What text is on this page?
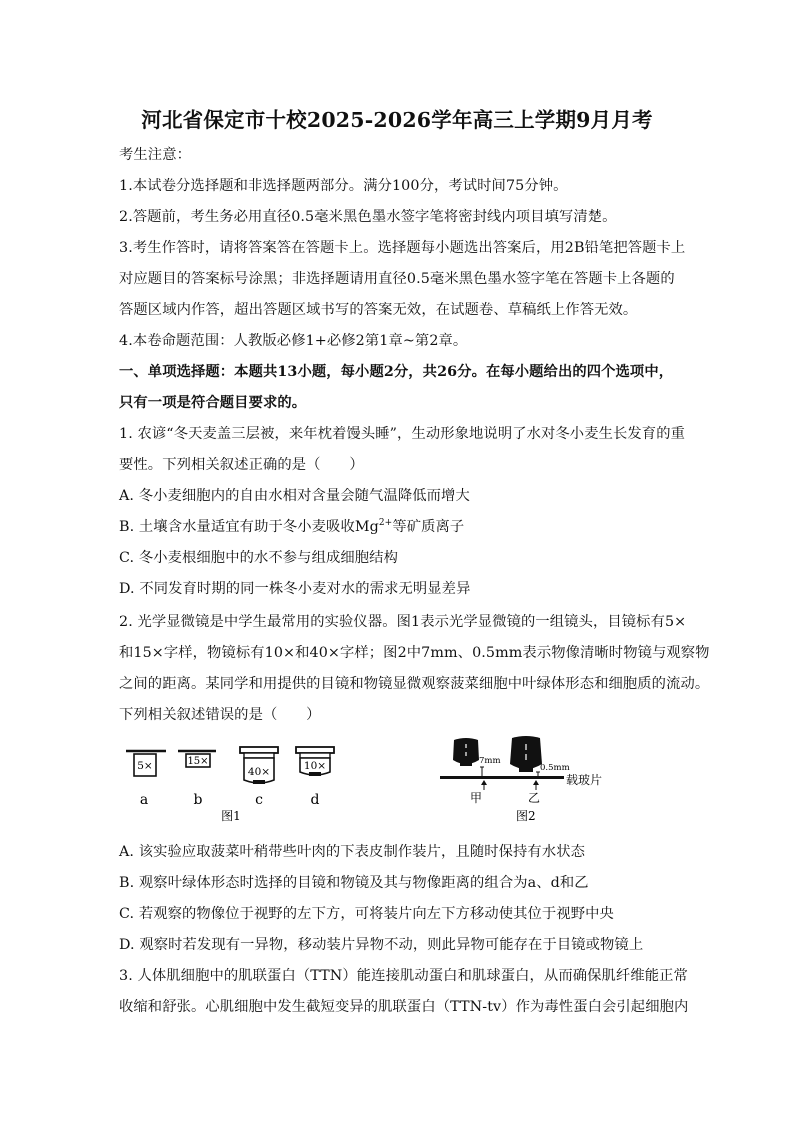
河北省保定市十校2025-2026学年高三上学期9月月考
考生注意：
1.本试卷分选择题和非选择题两部分。满分100分，考试时间75分钟。
2.答题前，考生务必用直径0.5毫米黑色墨水签字笔将密封线内项目填写清楚。
3.考生作答时，请将答案答在答题卡上。选择题每小题选出答案后，用2B铅笔把答题卡上
对应题目的答案标号涂黑；非选择题请用直径0.5毫米黑色墨水签字笔在答题卡上各题的
答题区域内作答，超出答题区域书写的答案无效，在试题卷、草稿纸上作答无效。
4.本卷命题范围：人教版必修1+必修2第1章~第2章。
一、单项选择题：本题共13小题，每小题2分，共26分。在每小题给出的四个选项中，
只有一项是符合题目要求的。
1. 农谚“冬天麦盖三层被，来年枕着馒头睡”，生动形象地说明了水对冬小麦生长发育的重
要性。下列相关叙述正确的是（　　）
A. 冬小麦细胞内的自由水相对含量会随气温降低而增大
B. 土壤含水量适宜有助于冬小麦吸收$Mg^{2+}$等矿质离子
C. 冬小麦根细胞中的水不参与组成细胞结构
D. 不同发育时期的同一株冬小麦对水的需求无明显差异
2. 光学显微镜是中学生最常用的实验仪器。图1表示光学显微镜的一组镜头，目镜标有5×
和15×字样，物镜标有10×和40×字样；图2中7mm、0.5mm表示物像清晰时物镜与观察物
之间的距离。某同学和用提供的目镜和物镜显微观察菠菜细胞中叶绿体形态和细胞质的流动。
下列相关叙述错误的是（　　）
5×
a
15×
b
40×
c
10×
d
图1
7mm
0.5mm
载玻片
甲	乙
图2
A. 该实验应取菠菜叶稍带些叶肉的下表皮制作装片，且随时保持有水状态
B. 观察叶绿体形态时选择的目镜和物镜及其与物像距离的组合为a、d和乙
C. 若观察的物像位于视野的左下方，可将装片向左下方移动使其位于视野中央
D. 观察时若发现有一异物，移动装片异物不动，则此异物可能存在于目镜或物镜上
3. 人体肌细胞中的肌联蛋白（TTN）能连接肌动蛋白和肌球蛋白，从而确保肌纤维能正常
收缩和舒张。心肌细胞中发生截短变异的肌联蛋白（TTN-tv）作为毒性蛋白会引起细胞内
